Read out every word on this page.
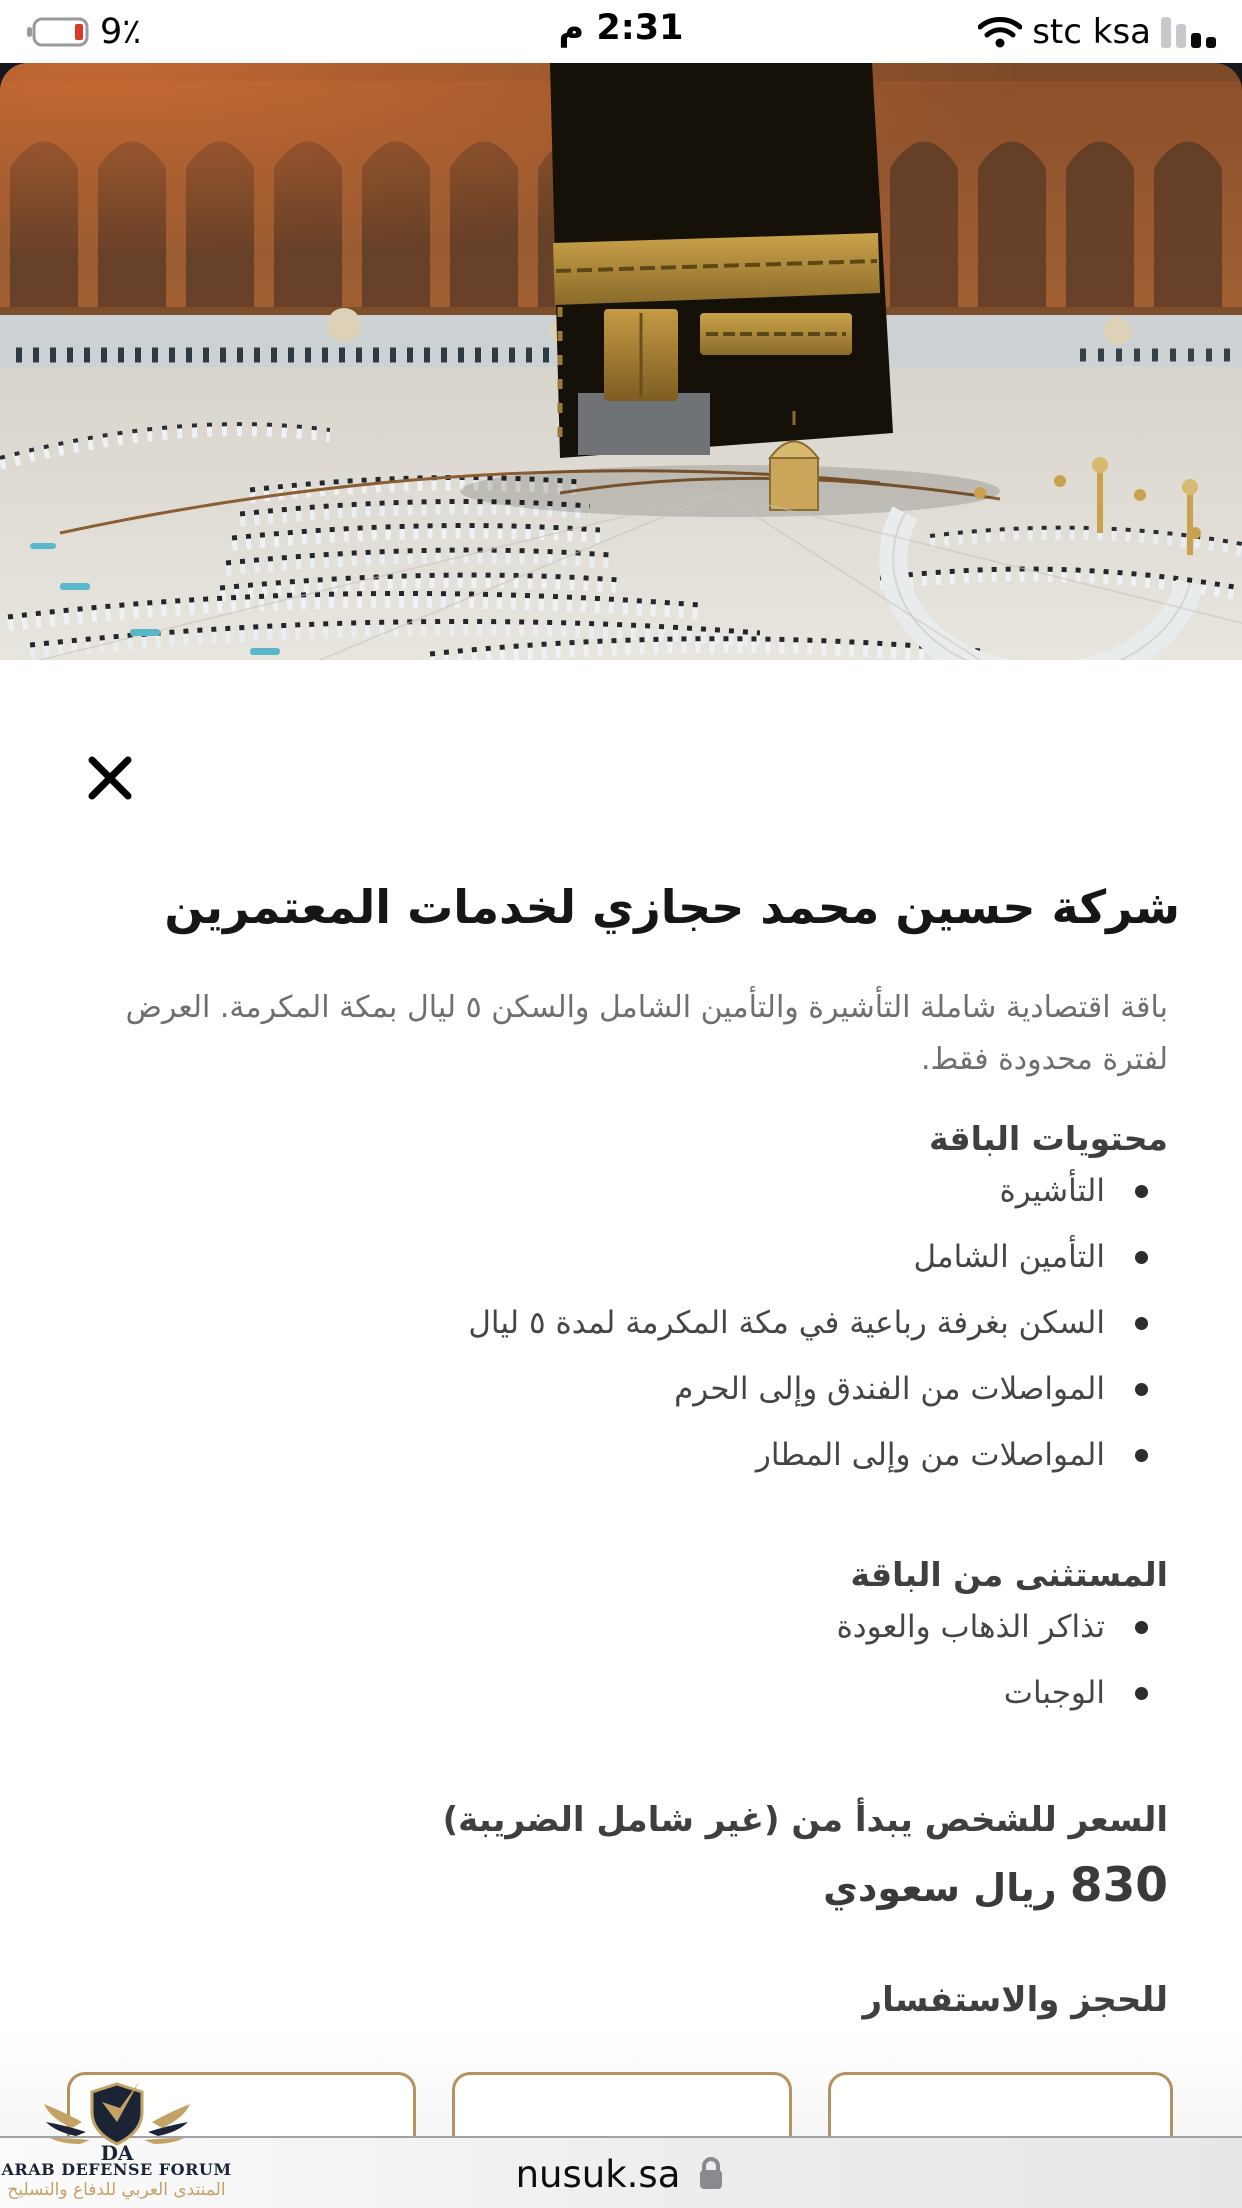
9٪	2:31 م	stc ksa
شركة حسين محمد حجازي لخدمات المعتمرين

باقة اقتصادية شاملة التأشيرة والتأمين الشامل والسكن ٥ ليال بمكة المكرمة. العرض لفترة محدودة فقط.

محتويات الباقة
التأشيرة
التأمين الشامل
السكن بغرفة رباعية في مكة المكرمة لمدة ٥ ليال
المواصلات من الفندق وإلى الحرم
المواصلات من وإلى المطار
المستثنى من الباقة
تذاكر الذهاب والعودة
الوجبات
السعر للشخص يبدأ من (غير شامل الضريبة)
830 ريال سعودي
للحجز والاستفسار
nusuk.sa
DA
ARAB DEFENSE FORUM
المنتدى العربي للدفاع والتسليح
